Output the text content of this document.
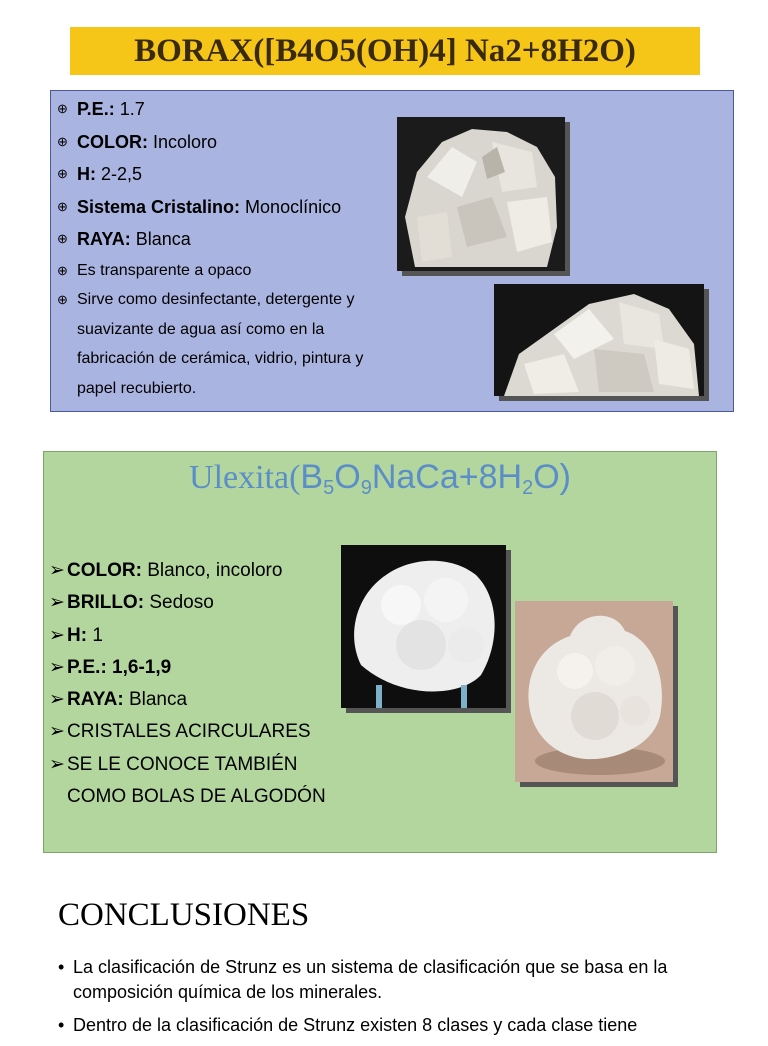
BORAX([B4O5(OH)4] Na2+8H2O)
⊕ P.E.: 1.7
⊕ COLOR: Incoloro
⊕ H: 2-2,5
⊕ Sistema Cristalino: Monoclínico
⊕ RAYA: Blanca
⊕ Es transparente a opaco
⊕ Sirve como desinfectante, detergente y suavizante de agua así como en la fabricación de cerámica, vidrio, pintura y papel recubierto.
$Ulexita(B_5O_9NaCa+8H_2O)$
➢ COLOR: Blanco, incoloro
➢ BRILLO: Sedoso
➢ H: 1
➢ P.E.: 1,6-1,9
➢ RAYA: Blanca
➢ CRISTALES ACIRCULARES
➢ SE LE CONOCE TAMBIÉN
COMO BOLAS DE ALGODÓN
CONCLUSIONES
• La clasificación de Strunz es un sistema de clasificación que se basa en la composición química de los minerales.
• Dentro de la clasificación de Strunz existen 8 clases y cada clase tiene
